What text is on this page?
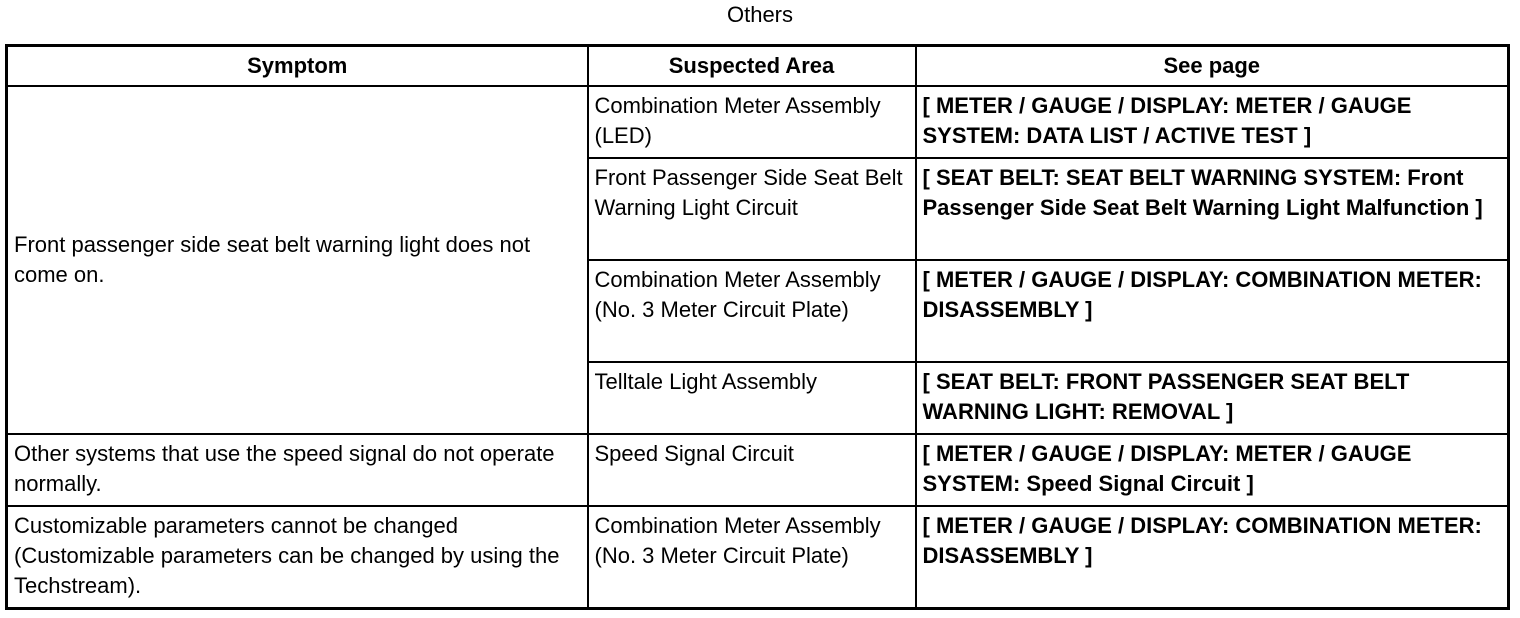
Others
Symptom	Suspected Area	See page
Front passenger side seat belt warning light does not come on.	Combination Meter Assembly (LED)	[ METER / GAUGE / DISPLAY: METER / GAUGE SYSTEM: DATA LIST / ACTIVE TEST ]
	Front Passenger Side Seat Belt Warning Light Circuit	[ SEAT BELT: SEAT BELT WARNING SYSTEM: Front Passenger Side Seat Belt Warning Light Malfunction ]
	Combination Meter Assembly (No. 3 Meter Circuit Plate)	[ METER / GAUGE / DISPLAY: COMBINATION METER: DISASSEMBLY ]
	Telltale Light Assembly	[ SEAT BELT: FRONT PASSENGER SEAT BELT WARNING LIGHT: REMOVAL ]
Other systems that use the speed signal do not operate normally.	Speed Signal Circuit	[ METER / GAUGE / DISPLAY: METER / GAUGE SYSTEM: Speed Signal Circuit ]
Customizable parameters cannot be changed (Customizable parameters can be changed by using the Techstream).	Combination Meter Assembly (No. 3 Meter Circuit Plate)	[ METER / GAUGE / DISPLAY: COMBINATION METER: DISASSEMBLY ]
